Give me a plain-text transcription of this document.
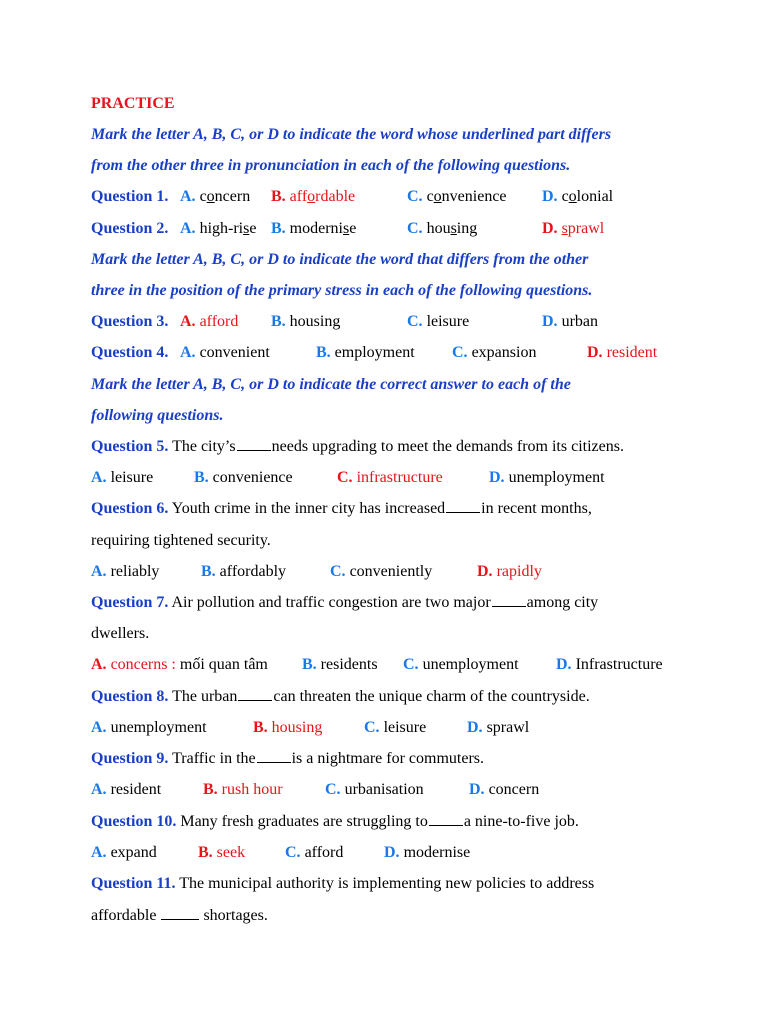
PRACTICE
Mark the letter A, B, C, or D to indicate the word whose underlined part differs
from the other three in pronunciation in each of the following questions.
Question 1. A. concern B. affordable	C. convenience D. colonial
Question 2. A. high-rise B. modernise	C. housing	D. sprawl
Mark the letter A, B, C, or D to indicate the word that differs from the other
three in the position of the primary stress in each of the following questions.
Question 3. A. afford B. housing	C. leisure	D. urban
Question 4. A. convenient	B. employment C. expansion	D. resident
Mark the letter A, B, C, or D to indicate the correct answer to each of the
following questions.
Question 5. The city’s needs upgrading to meet the demands from its citizens.
A. leisure	B. convenience	C. infrastructure	D. unemployment
Question 6. Youth crime in the inner city has increased in recent months,
requiring tightened security.
A. reliably	B. affordably	C. conveniently	D. rapidly
Question 7. Air pollution and traffic congestion are two major among city
dwellers.
A. concerns : mối quan tâm B. residents C. unemployment D. Infrastructure
Question 8. The urban can threaten the unique charm of the countryside.
A. unemployment	B. housing	C. leisure	D. sprawl
Question 9. Traffic in the is a nightmare for commuters.
A. resident	B. rush hour	C. urbanisation	D. concern
Question 10. Many fresh graduates are struggling to a nine-to-five job.
A. expand	B. seek C. afford	D. modernise
Question 11. The municipal authority is implementing new policies to address
affordable	shortages.
